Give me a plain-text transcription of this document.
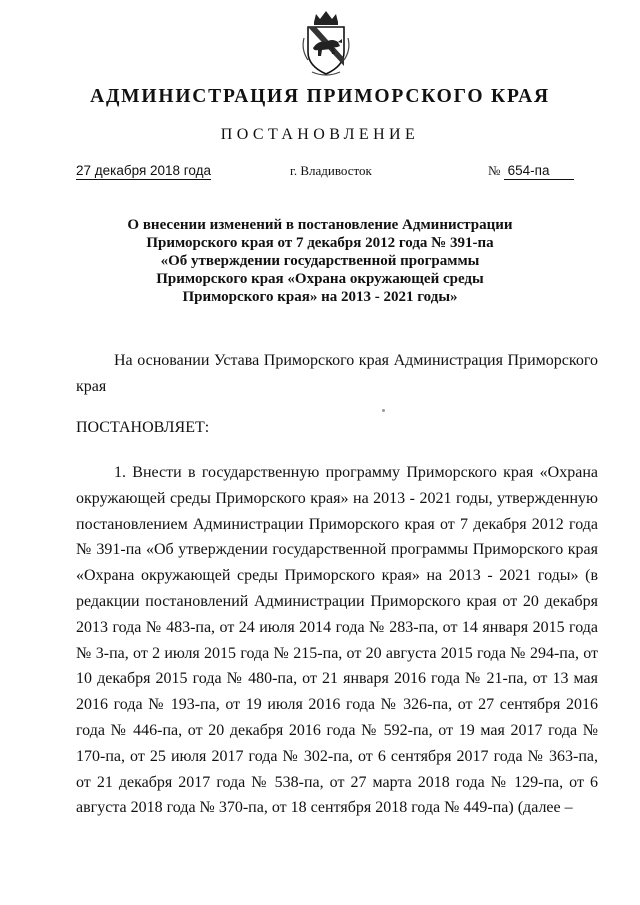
АДМИНИСТРАЦИЯ ПРИМОРСКОГО КРАЯ
ПОСТАНОВЛЕНИЕ
27 декабря 2018 года	г. Владивосток	№ 654-па
О внесении изменений в постановление Администрации
Приморского края от 7 декабря 2012 года № 391-па
«Об утверждении государственной программы
Приморского края «Охрана окружающей среды
Приморского края» на 2013 - 2021 годы»
На основании Устава Приморского края Администрация Приморского края
ПОСТАНОВЛЯЕТ:
1. Внести в государственную программу Приморского края «Охрана окружающей среды Приморского края» на 2013 - 2021 годы, утвержденную постановлением Администрации Приморского края от 7 декабря 2012 года № 391-па «Об утверждении государственной программы Приморского края «Охрана окружающей среды Приморского края» на 2013 - 2021 годы» (в редакции постановлений Администрации Приморского края от 20 декабря 2013 года № 483-па, от 24 июля 2014 года № 283-па, от 14 января 2015 года № 3-па, от 2 июля 2015 года № 215-па, от 20 августа 2015 года № 294-па, от 10 декабря 2015 года № 480-па, от 21 января 2016 года № 21-па, от 13 мая 2016 года № 193-па, от 19 июля 2016 года № 326-па, от 27 сентября 2016 года № 446-па, от 20 декабря 2016 года № 592-па, от 19 мая 2017 года № 170-па, от 25 июля 2017 года № 302-па, от 6 сентября 2017 года № 363-па, от 21 декабря 2017 года № 538-па, от 27 марта 2018 года № 129-па, от 6 августа 2018 года № 370-па, от 18 сентября 2018 года № 449-па) (далее –
